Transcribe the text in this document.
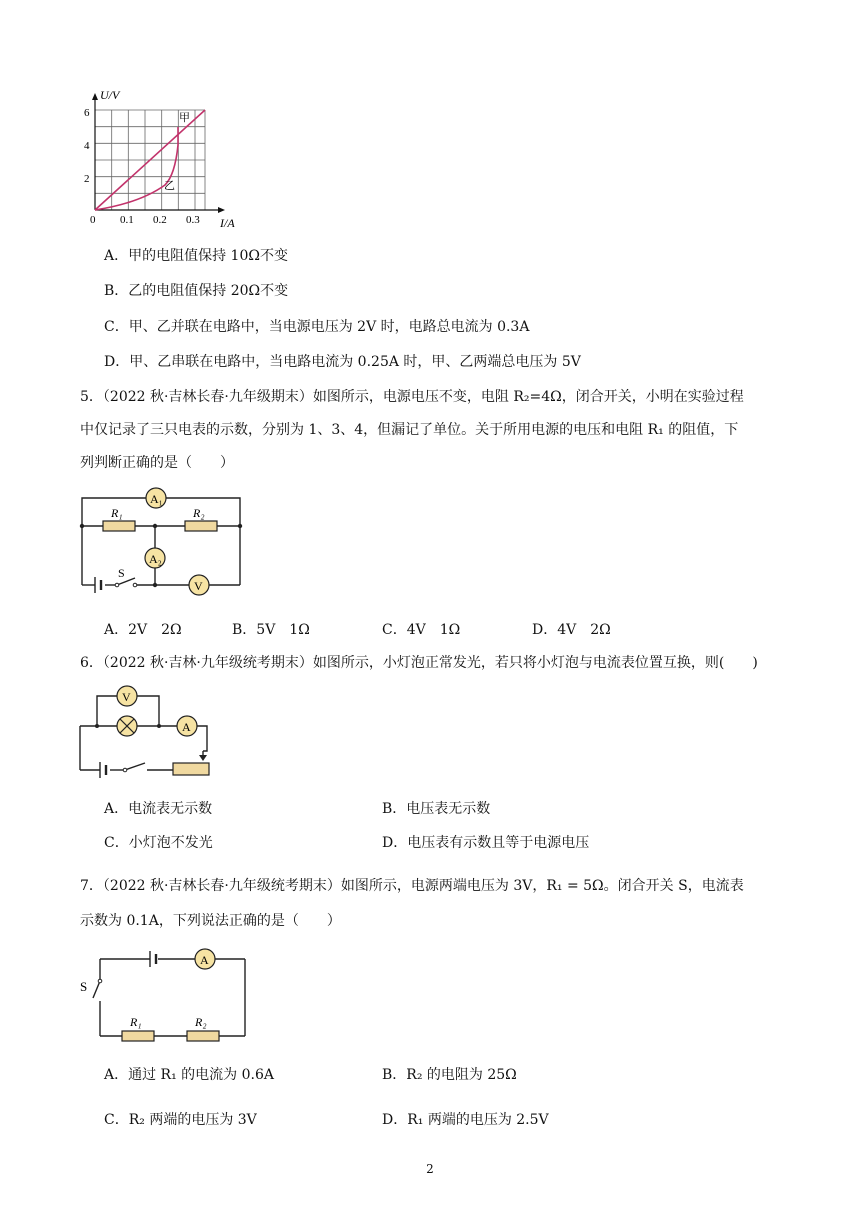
U/V
I/A
6
4
2
0 0.1 0.2 0.3
甲
乙
A．甲的电阻值保持 10Ω不变
B．乙的电阻值保持 20Ω不变
C．甲、乙并联在电路中，当电源电压为 2V 时，电路总电流为 0.3A
D．甲、乙串联在电路中，当电路电流为 0.25A 时，甲、乙两端总电压为 5V
5．（2022 秋·吉林长春·九年级期末）如图所示，电源电压不变，电阻 R₂=4Ω，闭合开关，小明在实验过程
中仅记录了三只电表的示数，分别为 1、3、4，但漏记了单位。关于所用电源的电压和电阻 R₁ 的阻值，下
列判断正确的是（　　）
A₁
A₂
V
R₁	R₂
S
A．2V　2Ω	B．5V　1Ω	C．4V　1Ω	D．4V　2Ω
6．（2022 秋·吉林·九年级统考期末）如图所示，小灯泡正常发光，若只将小灯泡与电流表位置互换，则(　　)
V
A
A．电流表无示数	B．电压表无示数
C．小灯泡不发光	D．电压表有示数且等于电源电压
7．（2022 秋·吉林长春·九年级统考期末）如图所示，电源两端电压为 3V，R₁ = 5Ω。闭合开关 S，电流表
示数为 0.1A，下列说法正确的是（　　）
A
S
R₁	R₂
A．通过 R₁ 的电流为 0.6A	B．R₂ 的电阻为 25Ω
C．R₂ 两端的电压为 3V	D．R₁ 两端的电压为 2.5V
2
